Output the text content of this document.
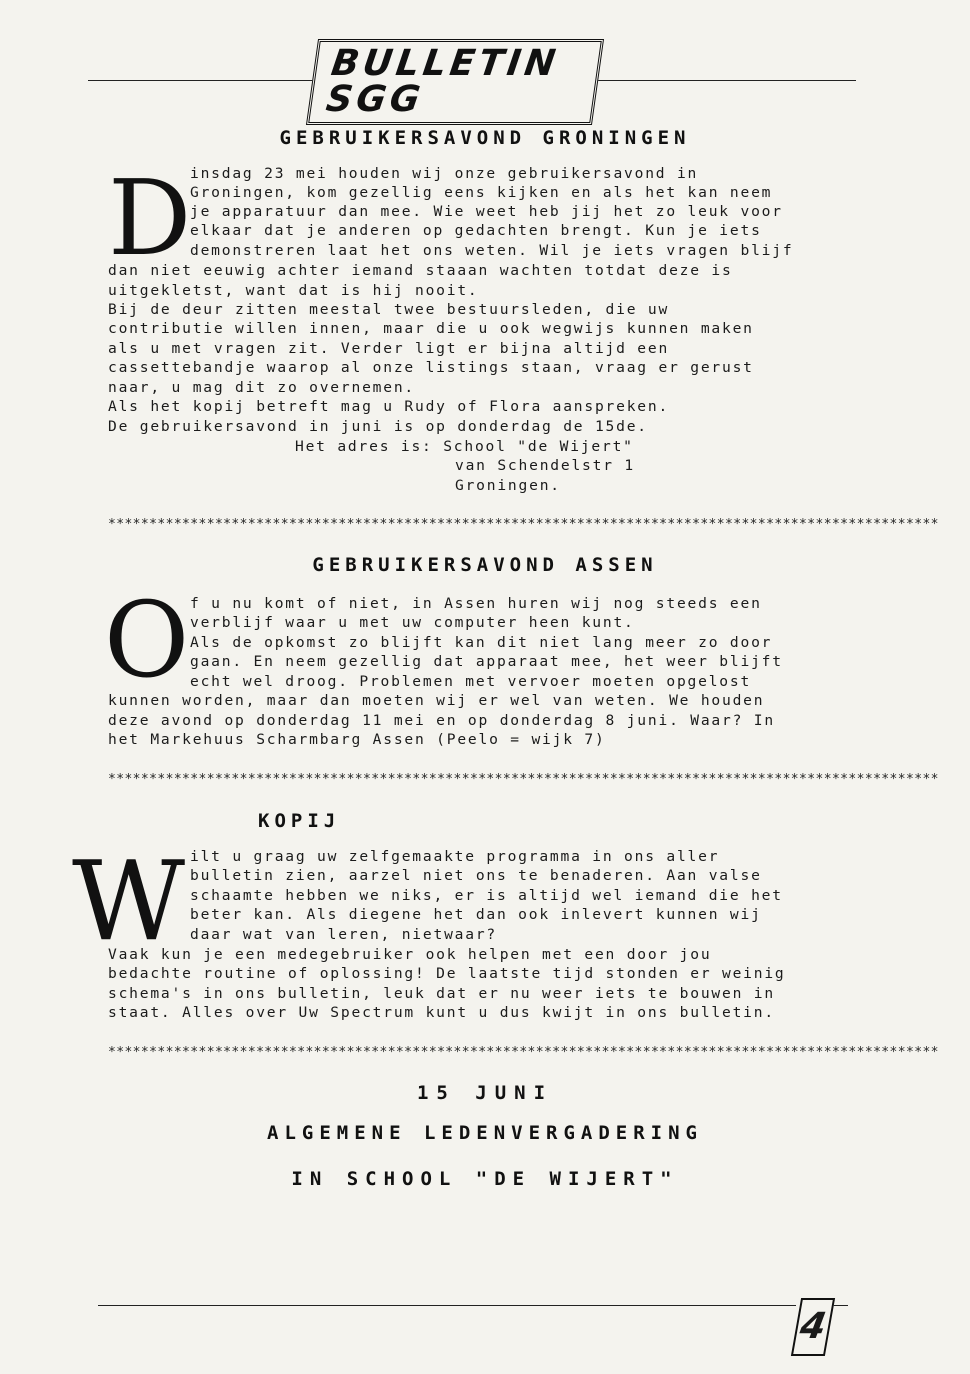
BULLETIN SGG
GEBRUIKERSAVOND GRONINGEN
D
insdag 23 mei houden wij onze gebruikersavond in
Groningen, kom gezellig eens kijken en als het kan neem
je apparatuur dan mee. Wie weet heb jij het zo leuk voor
elkaar dat je anderen op gedachten brengt. Kun je iets
demonstreren laat het ons weten. Wil je iets vragen blijf
dan niet eeuwig achter iemand staaan wachten totdat deze is
uitgekletst, want dat is hij nooit.
Bij de deur zitten meestal twee bestuursleden, die uw
contributie willen innen, maar die u ook wegwijs kunnen maken
als u met vragen zit. Verder ligt er bijna altijd een
cassettebandje waarop al onze listings staan, vraag er gerust
naar, u mag dit zo overnemen.
Als het kopij betreft mag u Rudy of Flora aanspreken.
De gebruikersavond in juni is op donderdag de 15de.
Het adres is: School "de Wijert"
van Schendelstr 1
Groningen.
*****************************************************************************************************
GEBRUIKERSAVOND ASSEN
O f u nu komt of niet, in Assen huren wij nog steeds een
verblijf waar u met uw computer heen kunt.
Als de opkomst zo blijft kan dit niet lang meer zo door
gaan. En neem gezellig dat apparaat mee, het weer blijft
echt wel droog. Problemen met vervoer moeten opgelost
kunnen worden, maar dan moeten wij er wel van weten. We houden
deze avond op donderdag 11 mei en op donderdag 8 juni. Waar? In
het Markehuus Scharmbarg Assen (Peelo = wijk 7)
*****************************************************************************************************
KOPIJ
W ilt u graag uw zelfgemaakte programma in ons aller
bulletin zien, aarzel niet ons te benaderen. Aan valse
schaamte hebben we niks, er is altijd wel iemand die het
beter kan. Als diegene het dan ook inlevert kunnen wij
daar wat van leren, nietwaar?
Vaak kun je een medegebruiker ook helpen met een door jou
bedachte routine of oplossing! De laatste tijd stonden er weinig
schema's in ons bulletin, leuk dat er nu weer iets te bouwen in
staat. Alles over Uw Spectrum kunt u dus kwijt in ons bulletin.
*****************************************************************************************************
15 JUNI
ALGEMENE LEDENVERGADERING
IN SCHOOL "DE WIJERT"
4
